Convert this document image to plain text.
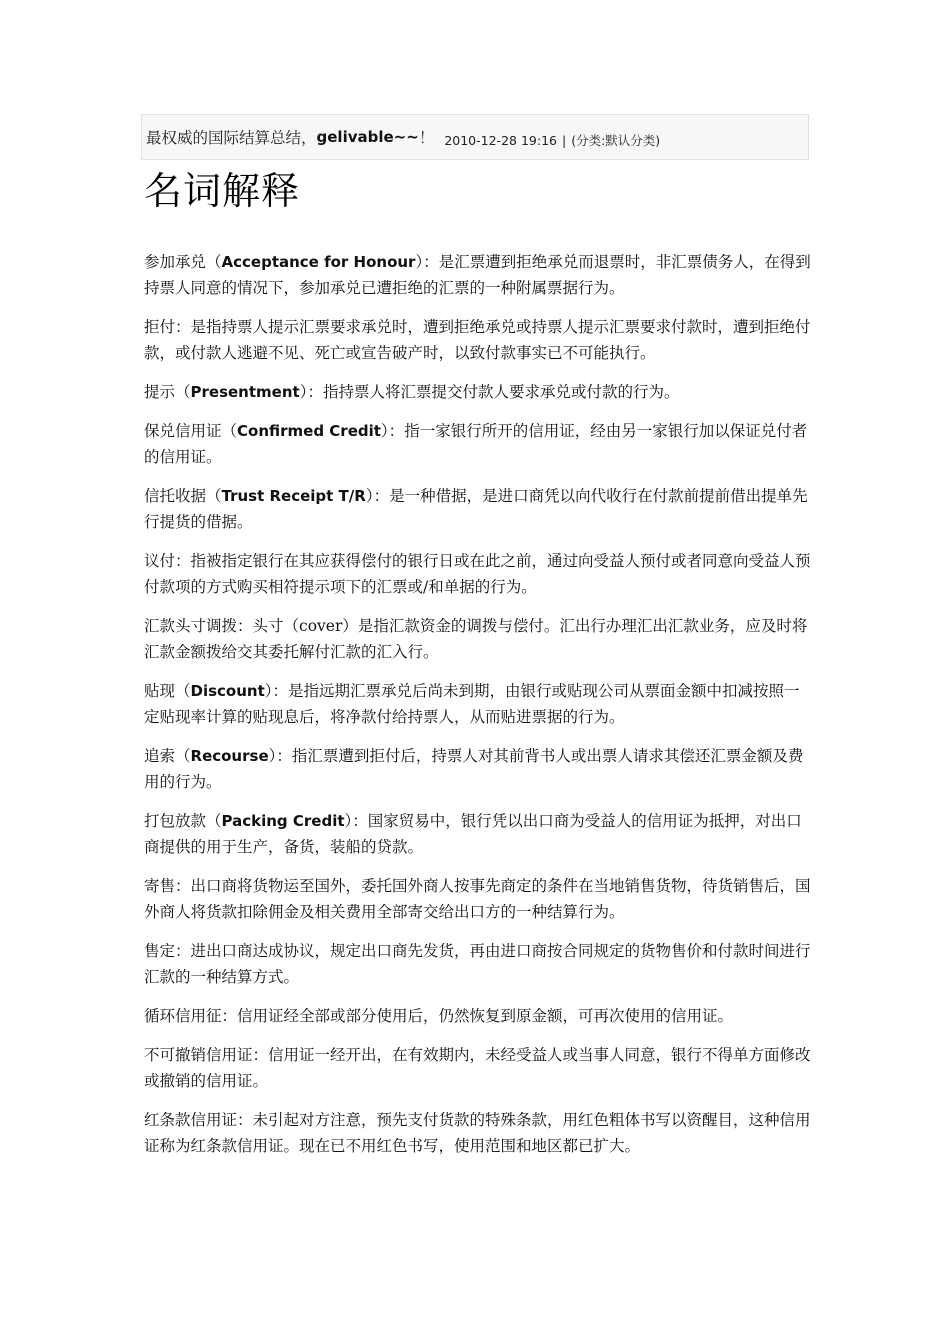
最权威的国际结算总结， gelivable~~ ！ 2010-12-28 19:16 | (分类:默认分类)
名词解释

参加承兑（Acceptance for Honour）：是汇票遭到拒绝承兑而退票时，非汇票债务人，在得到持票人同意的情况下，参加承兑已遭拒绝的汇票的一种附属票据行为。

拒付：是指持票人提示汇票要求承兑时，遭到拒绝承兑或持票人提示汇票要求付款时，遭到拒绝付款，或付款人逃避不见、死亡或宣告破产时，以致付款事实已不可能执行。

提示（Presentment）：指持票人将汇票提交付款人要求承兑或付款的行为。

保兑信用证（Confirmed Credit）：指一家银行所开的信用证，经由另一家银行加以保证兑付者的信用证。

信托收据（Trust Receipt T/R）：是一种借据，是进口商凭以向代收行在付款前提前借出提单先行提货的借据。

议付：指被指定银行在其应获得偿付的银行日或在此之前，通过向受益人预付或者同意向受益人预付款项的方式购买相符提示项下的汇票或/和单据的行为。

汇款头寸调拨：头寸（cover）是指汇款资金的调拨与偿付。汇出行办理汇出汇款业务，应及时将汇款金额拨给交其委托解付汇款的汇入行。

贴现（Discount）：是指远期汇票承兑后尚未到期，由银行或贴现公司从票面金额中扣减按照一定贴现率计算的贴现息后，将净款付给持票人，从而贴进票据的行为。

追索（Recourse）：指汇票遭到拒付后，持票人对其前背书人或出票人请求其偿还汇票金额及费用的行为。

打包放款（Packing Credit）：国家贸易中，银行凭以出口商为受益人的信用证为抵押，对出口商提供的用于生产，备货，装船的贷款。

寄售：出口商将货物运至国外，委托国外商人按事先商定的条件在当地销售货物，待货销售后，国外商人将货款扣除佣金及相关费用全部寄交给出口方的一种结算行为。

售定：进出口商达成协议，规定出口商先发货，再由进口商按合同规定的货物售价和付款时间进行汇款的一种结算方式。

循环信用征：信用证经全部或部分使用后，仍然恢复到原金额，可再次使用的信用证。

不可撤销信用证：信用证一经开出，在有效期内，未经受益人或当事人同意，银行不得单方面修改或撤销的信用证。

红条款信用证：未引起对方注意，预先支付货款的特殊条款，用红色粗体书写以资醒目，这种信用证称为红条款信用证。现在已不用红色书写，使用范围和地区都已扩大。
